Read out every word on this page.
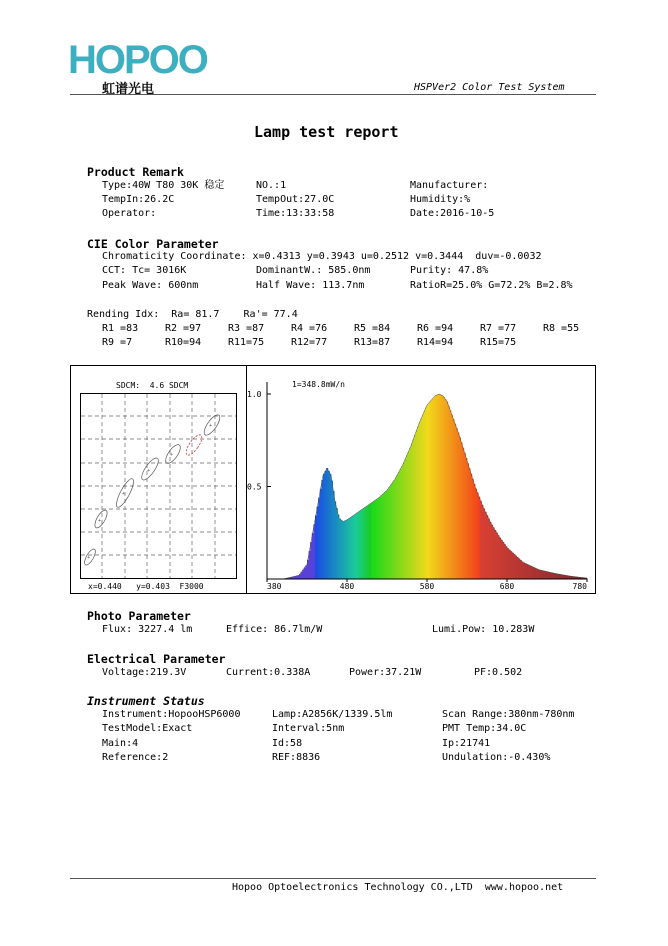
HOPOO
虹谱光电	HSPVer2 Color Test System
Lamp test report
Product Remark
Type:40W T80 30K 稳定	NO.:1	Manufacturer:
TempIn:26.2C	TempOut:27.0C	Humidity:%
Operator:	Time:13:33:58	Date:2016-10-5
CIE Color Parameter
Chromaticity Coordinate: x=0.4313 y=0.3943 u=0.2512 v=0.3444  duv=-0.0032
CCT: Tc= 3016K	DominantW.: 585.0nm	Purity: 47.8%
Peak Wave: 600nm	Half Wave: 113.7nm	RatioR=25.0% G=72.2% B=2.8%
Rending Idx:  Ra= 81.7    Ra'= 77.4
R1 =83	R2 =97	R3 =87	R4 =76	R5 =84	R6 =94	R7 =77	R8 =55
R9 =7	R10=94	R11=75	R12=77	R13=87	R14=94	R15=75
SDCM:  4.6 SDCM
+
+
+
+
+
+
x=0.440   y=0.403  F3000
1=348.8mW/n
1.0
0.5
380	480	580	680	780
Photo Parameter
Flux: 3227.4 lm	Effice: 86.7lm/W	Lumi.Pow: 10.283W
Electrical Parameter
Voltage:219.3V	Current:0.338A	Power:37.21W	PF:0.502
Instrument Status
Instrument:HopooHSP6000	Lamp:A2856K/1339.5lm	Scan Range:380nm-780nm
TestModel:Exact	Interval:5nm	PMT Temp:34.0C
Main:4	Id:58	Ip:21741
Reference:2	REF:8836	Undulation:-0.430%
Hopoo Optoelectronics Technology CO.,LTD  www.hopoo.net
